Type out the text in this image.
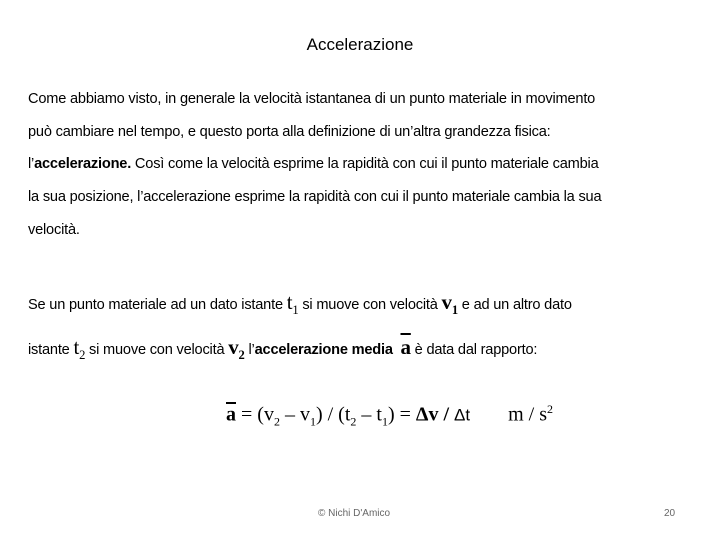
Accelerazione
Come abbiamo visto, in generale la velocità istantanea di un punto materiale in movimento
può cambiare nel tempo, e questo porta alla definizione di un’altra grandezza fisica:
l’accelerazione. Così come la velocità esprime la rapidità con cui il punto materiale cambia
la sua posizione, l’accelerazione esprime la rapidità con cui il punto materiale cambia la sua
velocità.
Se un punto materiale ad un dato istante $t_1$ si muove con velocità $v_1$ e ad un altro dato
istante $t_2$ si muove con velocità $v_2$ l’accelerazione media $\overline{a}$ è data dal rapporto:
$\overline{a} = (v_2 - v_1) / (t_2 - t_1) = \Delta v / \Delta t$ m / $s^2$
© Nichi D'Amico	20
